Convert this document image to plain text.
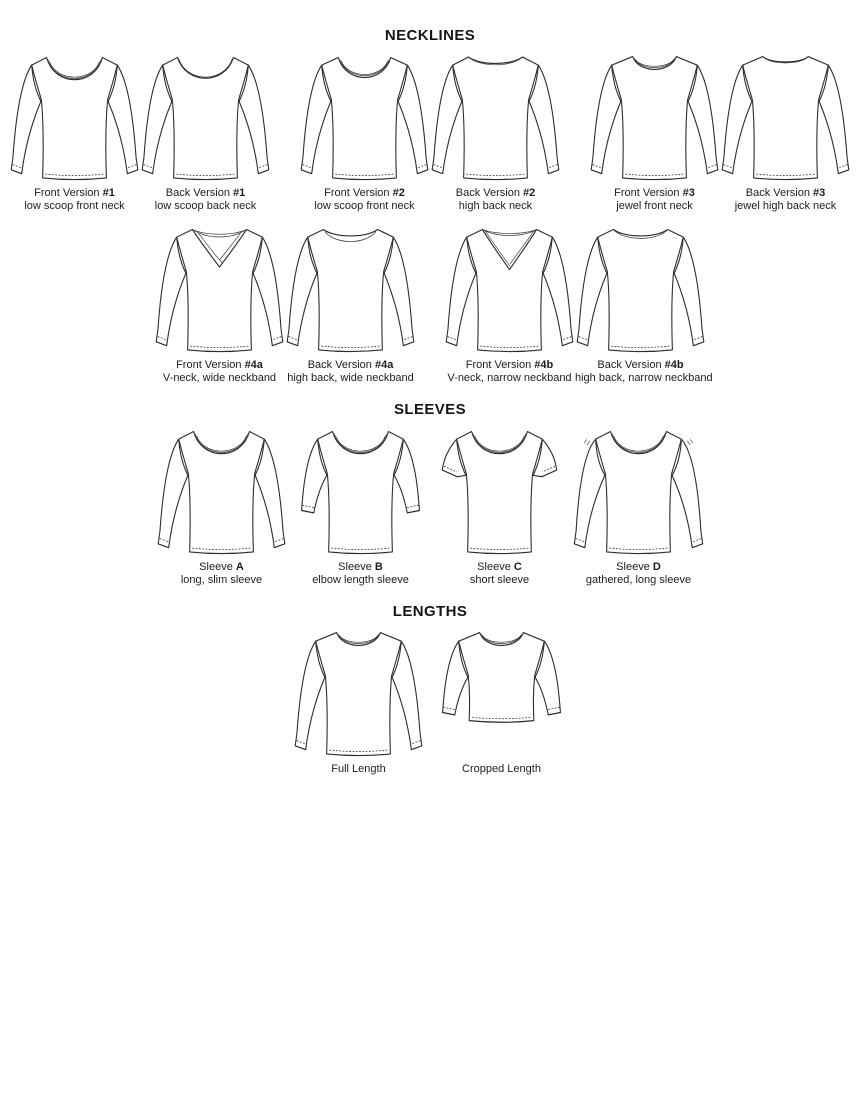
NECKLINES
Front Version #1
low scoop front neck
Back Version #1
low scoop back neck
Front Version #2
low scoop front neck
Back Version #2
high back neck
Front Version #3
jewel front neck
Back Version #3
jewel high back neck
Front Version #4a
V-neck, wide neckband
Back Version #4a
high back, wide neckband
Front Version #4b
V-neck, narrow neckband
Back Version #4b
high back, narrow neckband
SLEEVES
Sleeve A
long, slim sleeve
Sleeve B
elbow length sleeve
Sleeve C
short sleeve
Sleeve D
gathered, long sleeve
LENGTHS
Full Length	Cropped Length
